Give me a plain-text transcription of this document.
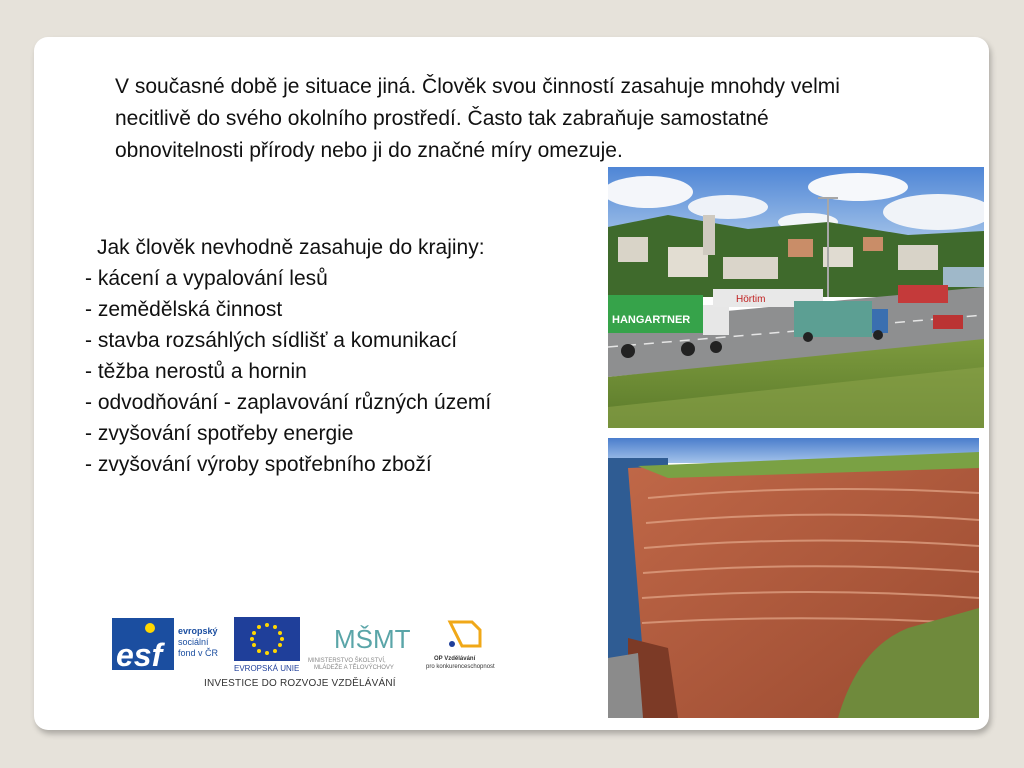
V současné době je situace jiná. Člověk svou činností zasahuje mnohdy velmi necitlivě do svého okolního prostředí. Často tak zabraňuje samostatné obnovitelnosti přírody nebo ji do značné míry omezuje.

Jak člověk nevhodně zasahuje do krajiny:

- kácení a vypalování lesů
- zemědělská činnost
- stavba rozsáhlých sídlišť a komunikací
- těžba nerostů a hornin
- odvodňování - zaplavování různých území
- zvyšování spotřeby energie
- zvyšování výroby spotřebního zboží
HANGARTNER
Hörtim
esf
evropský
sociální
fond v ČR
EVROPSKÁ UNIE
MŠMT
MINISTERSTVO ŠKOLSTVÍ,
MLÁDEŽE A TĚLOVÝCHOVY
OP Vzdělávání
pro konkurenceschopnost
INVESTICE DO ROZVOJE VZDĚLÁVÁNÍ
